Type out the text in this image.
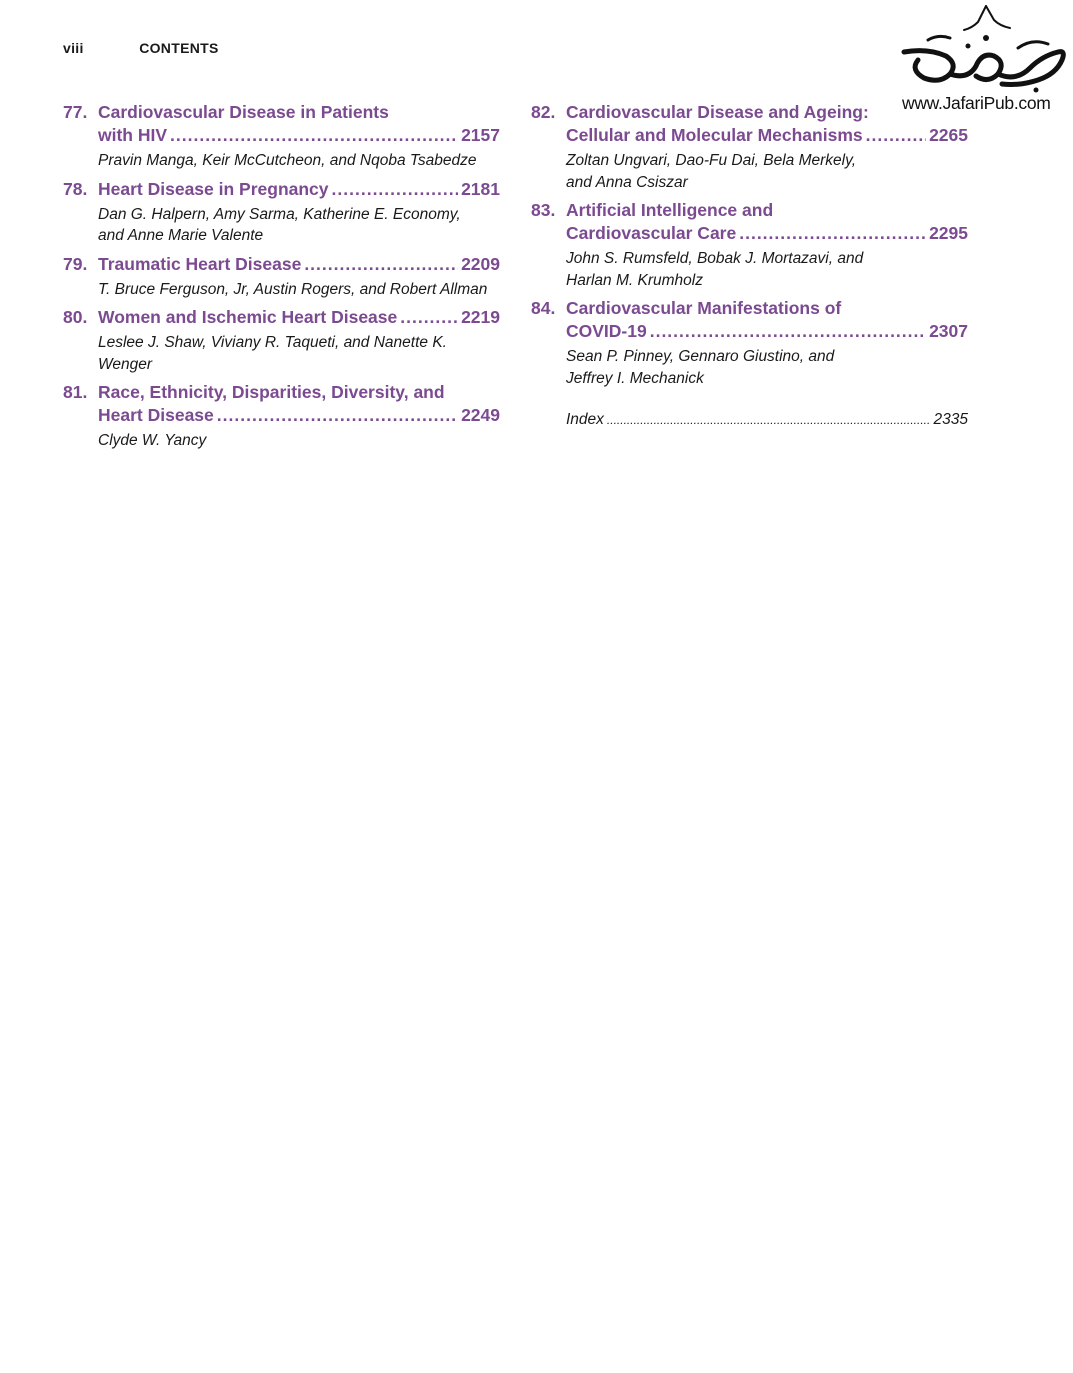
viii	CONTENTS
www.JafariPub.com
77. Cardiovascular Disease in Patients
with HIV .....	2157
Pravin Manga, Keir McCutcheon, and Nqoba Tsabedze
78. Heart Disease in Pregnancy .....	2181
Dan G. Halpern, Amy Sarma, Katherine E. Economy,
and Anne Marie Valente
79. Traumatic Heart Disease .....	2209
T. Bruce Ferguson, Jr, Austin Rogers, and Robert Allman
80. Women and Ischemic Heart Disease .....	2219
Leslee J. Shaw, Viviany R. Taqueti, and Nanette K. Wenger
81. Race, Ethnicity, Disparities, Diversity, and
Heart Disease .....	2249
Clyde W. Yancy
82. Cardiovascular Disease and Ageing:
Cellular and Molecular Mechanisms .....	2265
Zoltan Ungvari, Dao-Fu Dai, Bela Merkely,
and Anna Csiszar
83. Artificial Intelligence and
Cardiovascular Care .....	2295
John S. Rumsfeld, Bobak J. Mortazavi, and
Harlan M. Krumholz
84. Cardiovascular Manifestations of
COVID-19 .....	2307
Sean P. Pinney, Gennaro Giustino, and
Jeffrey I. Mechanick
Index .....	2335
